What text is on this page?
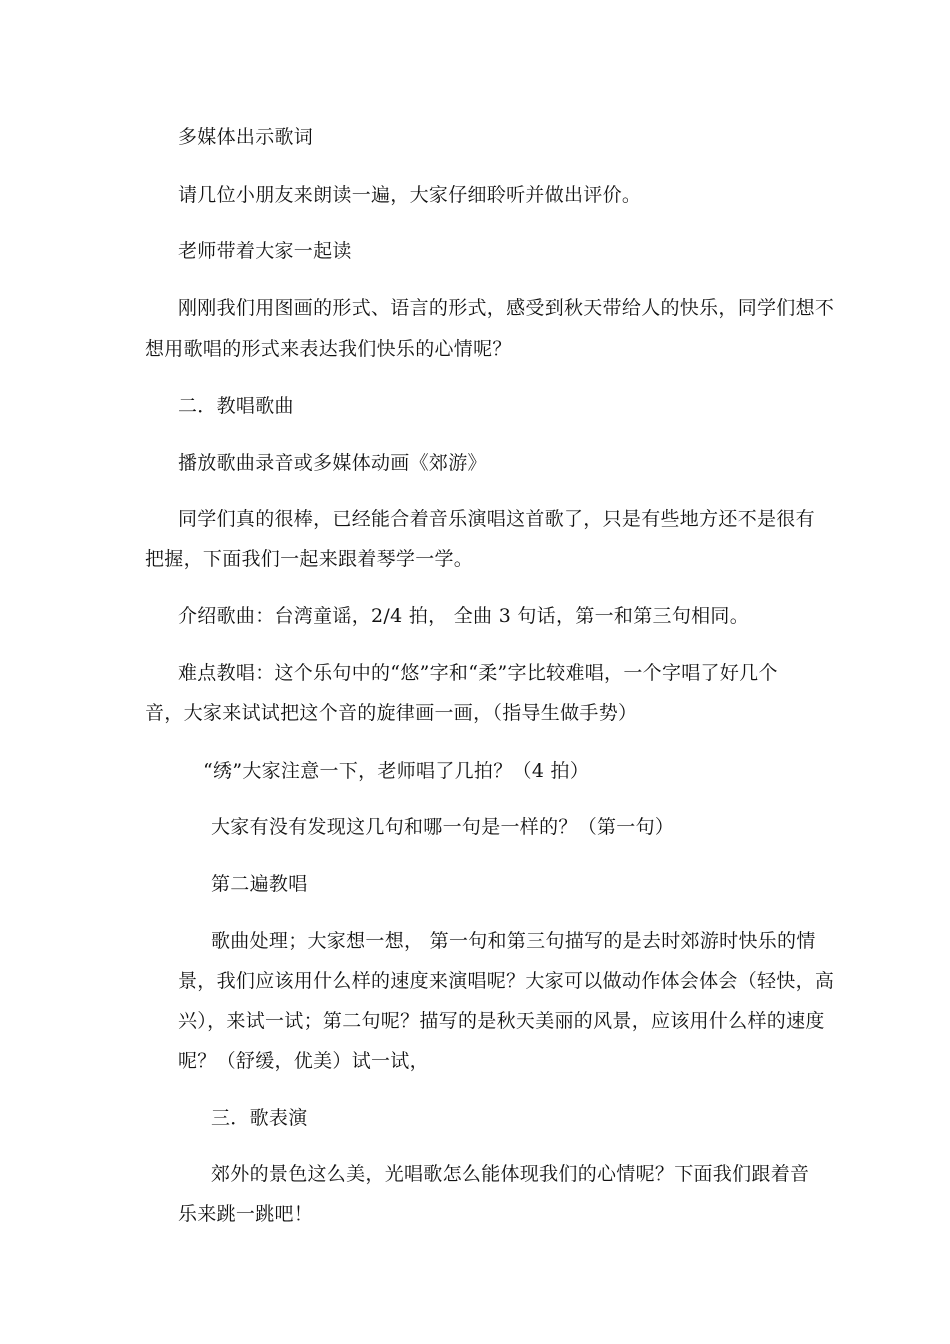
多媒体出示歌词
请几位小朋友来朗读一遍，大家仔细聆听并做出评价。
老师带着大家一起读
刚刚我们用图画的形式、语言的形式，感受到秋天带给人的快乐，同学们想不
想用歌唱的形式来表达我们快乐的心情呢？
二．教唱歌曲
播放歌曲录音或多媒体动画《郊游》
同学们真的很棒，已经能合着音乐演唱这首歌了，只是有些地方还不是很有
把握，下面我们一起来跟着琴学一学。
介绍歌曲：台湾童谣，2/4 拍， 全曲 3 句话，第一和第三句相同。
难点教唱：这个乐句中的“悠”字和“柔”字比较难唱，一个字唱了好几个
音，大家来试试把这个音的旋律画一画，（指导生做手势）
“绣”大家注意一下，老师唱了几拍？（4 拍）
大家有没有发现这几句和哪一句是一样的？（第一句）
第二遍教唱
歌曲处理；大家想一想， 第一句和第三句描写的是去时郊游时快乐的情
景，我们应该用什么样的速度来演唱呢？大家可以做动作体会体会（轻快，高
兴），来试一试；第二句呢？描写的是秋天美丽的风景，应该用什么样的速度
呢？（舒缓，优美）试一试，
三．歌表演
郊外的景色这么美，光唱歌怎么能体现我们的心情呢？下面我们跟着音
乐来跳一跳吧！
